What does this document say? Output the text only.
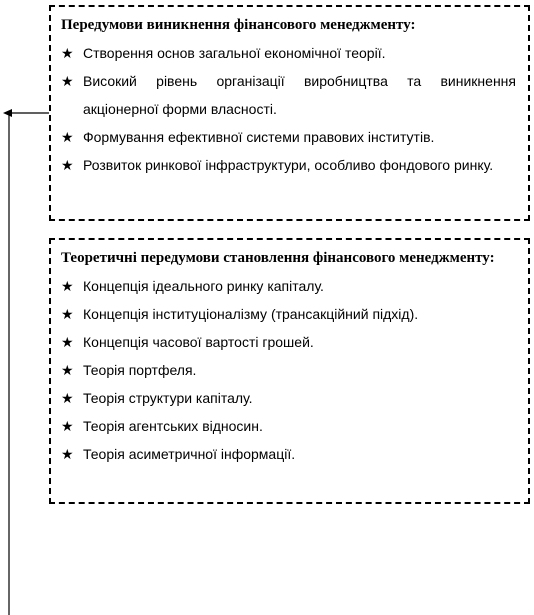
Передумови виникнення фінансового менеджменту:
★ Створення основ загальної економічної теорії.
★ Високий рівень організації виробництва та виникнення акціонерної форми власності.
★ Формування ефективної системи правових інститутів.
★ Розвиток ринкової інфраструктури, особливо фондового ринку.
Теоретичні передумови становлення фінансового менеджменту:
★ Концепція ідеального ринку капіталу.
★ Концепція інституціоналізму (трансакційний підхід).
★ Концепція часової вартості грошей.
★ Теорія портфеля.
★ Теорія структури капіталу.
★ Теорія агентських відносин.
★ Теорія асиметричної інформації.
